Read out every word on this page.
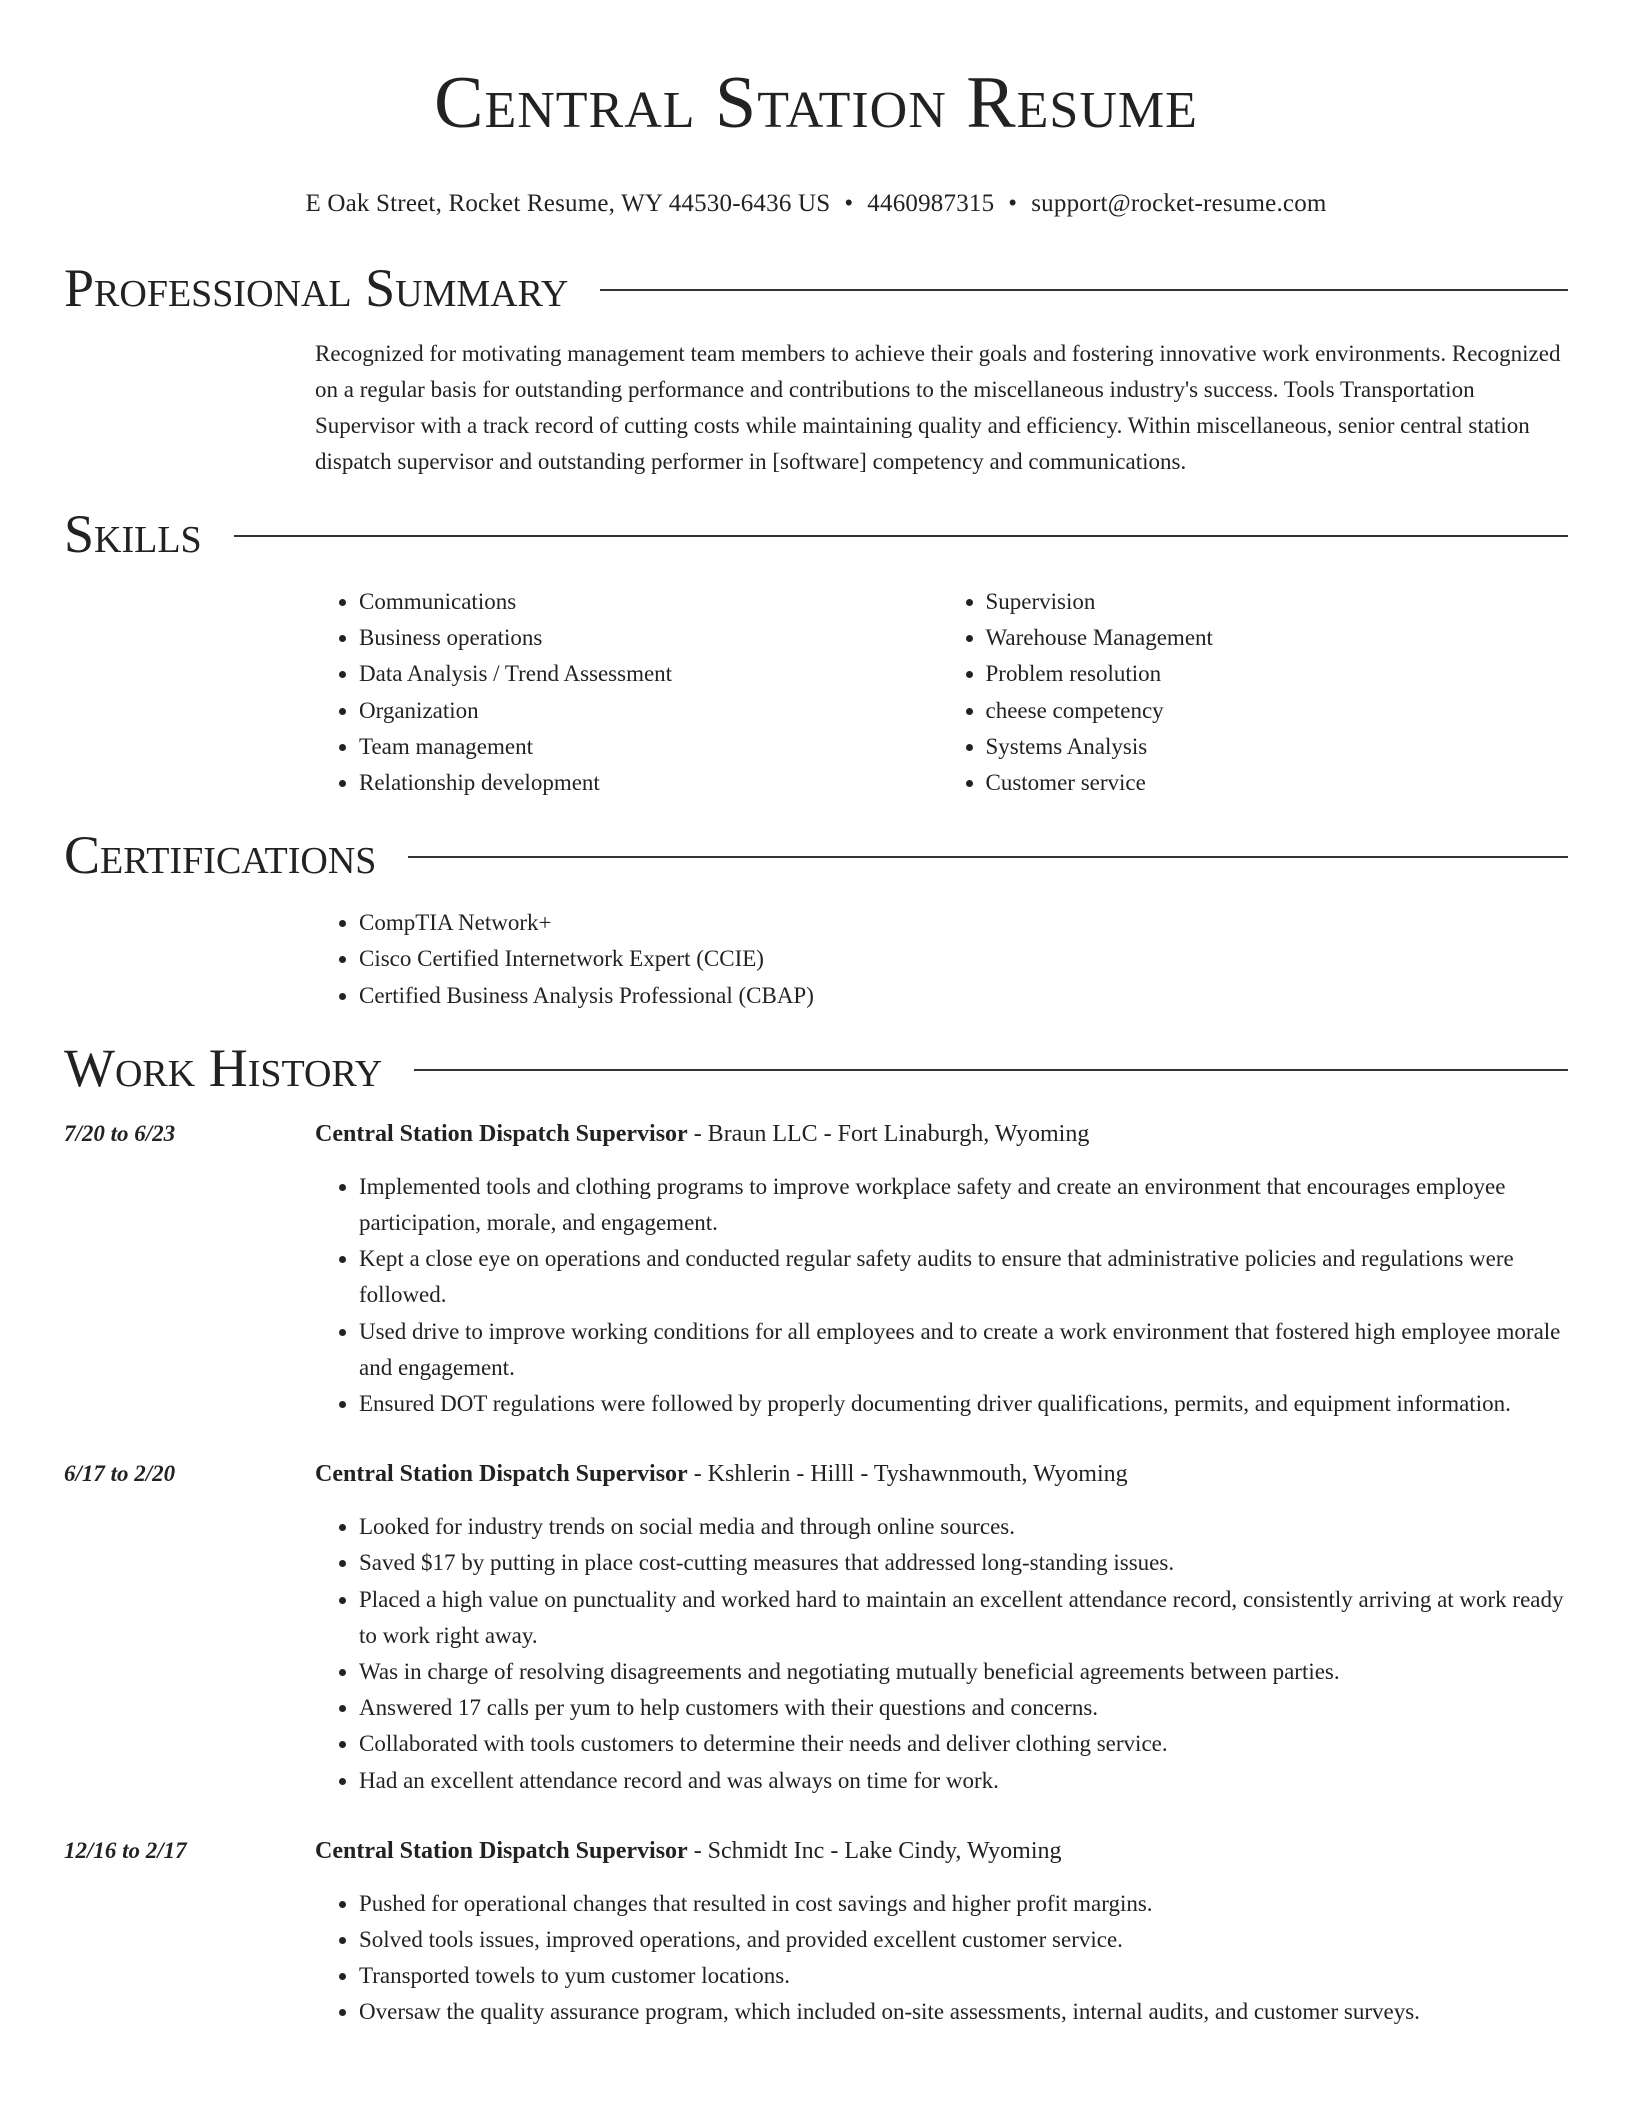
Central Station Resume
E Oak Street, Rocket Resume, WY 44530-6436 US • 4460987315 • support@rocket-resume.com
Professional Summary
Recognized for motivating management team members to achieve their goals and fostering innovative work environments. Recognized on a regular basis for outstanding performance and contributions to the miscellaneous industry's success. Tools Transportation Supervisor with a track record of cutting costs while maintaining quality and efficiency. Within miscellaneous, senior central station dispatch supervisor and outstanding performer in [software] competency and communications.
Skills
• Communications
• Business operations
• Data Analysis / Trend Assessment
• Organization
• Team management
• Relationship development
• Supervision
• Warehouse Management
• Problem resolution
• cheese competency
• Systems Analysis
• Customer service
Certifications
• CompTIA Network+
• Cisco Certified Internetwork Expert (CCIE)
• Certified Business Analysis Professional (CBAP)
Work History
7/20 to 6/23	Central Station Dispatch Supervisor - Braun LLC - Fort Linaburgh, Wyoming
• Implemented tools and clothing programs to improve workplace safety and create an environment that encourages employee participation, morale, and engagement.
• Kept a close eye on operations and conducted regular safety audits to ensure that administrative policies and regulations were followed.
• Used drive to improve working conditions for all employees and to create a work environment that fostered high employee morale and engagement.
• Ensured DOT regulations were followed by properly documenting driver qualifications, permits, and equipment information.
6/17 to 2/20	Central Station Dispatch Supervisor - Kshlerin - Hilll - Tyshawnmouth, Wyoming
• Looked for industry trends on social media and through online sources.
• Saved $17 by putting in place cost-cutting measures that addressed long-standing issues.
• Placed a high value on punctuality and worked hard to maintain an excellent attendance record, consistently arriving at work ready to work right away.
• Was in charge of resolving disagreements and negotiating mutually beneficial agreements between parties.
• Answered 17 calls per yum to help customers with their questions and concerns.
• Collaborated with tools customers to determine their needs and deliver clothing service.
• Had an excellent attendance record and was always on time for work.
12/16 to 2/17	Central Station Dispatch Supervisor - Schmidt Inc - Lake Cindy, Wyoming
• Pushed for operational changes that resulted in cost savings and higher profit margins.
• Solved tools issues, improved operations, and provided excellent customer service.
• Transported towels to yum customer locations.
• Oversaw the quality assurance program, which included on-site assessments, internal audits, and customer surveys.
